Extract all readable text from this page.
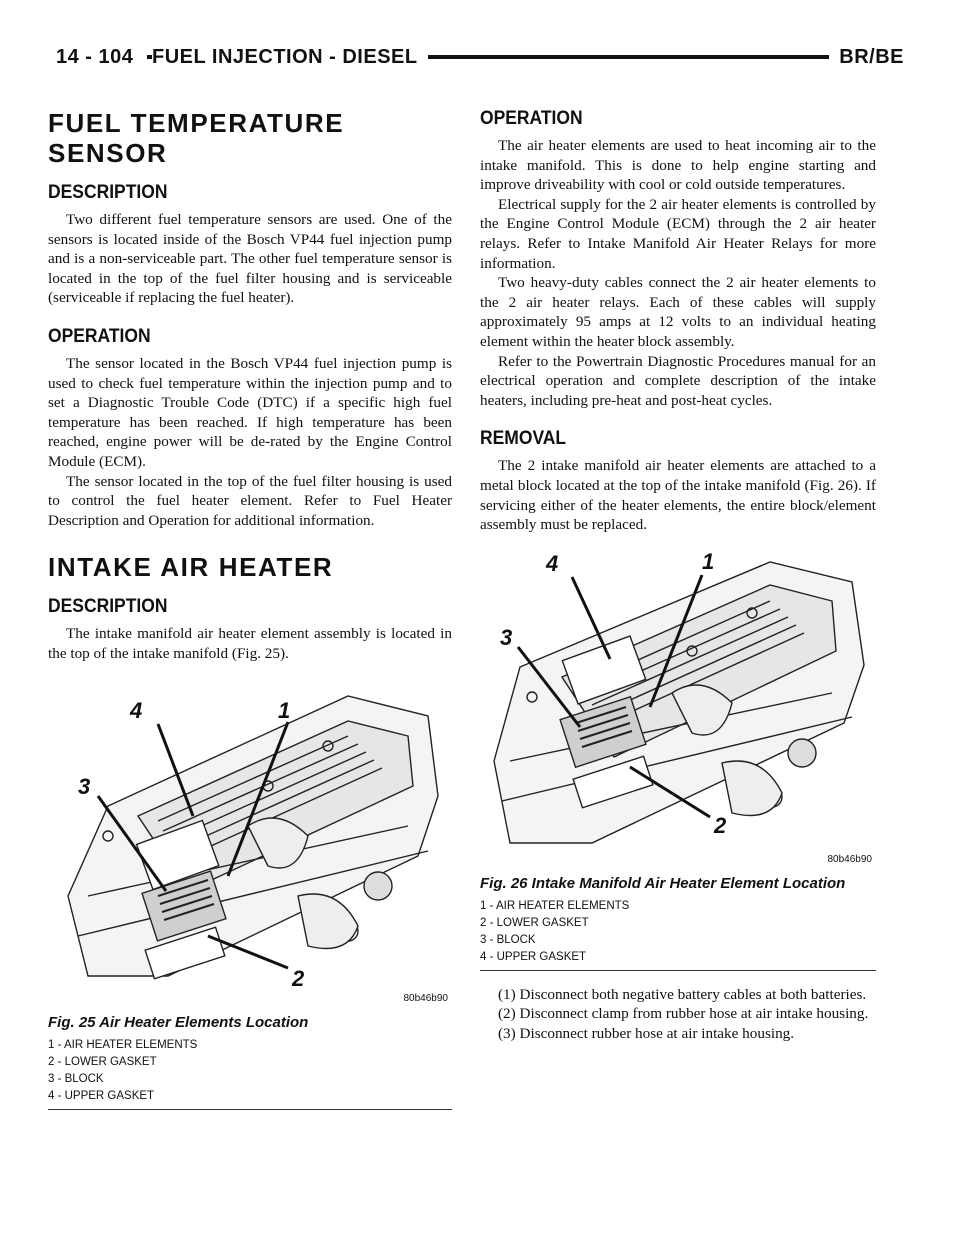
14 - 104 FUEL INJECTION - DIESEL	BR/BE
FUEL TEMPERATURE SENSOR
DESCRIPTION

Two different fuel temperature sensors are used. One of the sensors is located inside of the Bosch VP44 fuel injection pump and is a non-serviceable part. The other fuel temperature sensor is located in the top of the fuel filter housing and is serviceable (serviceable if replacing the fuel heater).

OPERATION

The sensor located in the Bosch VP44 fuel injection pump is used to check fuel temperature within the injection pump and to set a Diagnostic Trouble Code (DTC) if a specific high fuel temperature has been reached. If high temperature has been reached, engine power will be de-rated by the Engine Control Module (ECM).

The sensor located in the top of the fuel filter housing is used to control the fuel heater element. Refer to Fuel Heater Description and Operation for additional information.

INTAKE AIR HEATER
DESCRIPTION

The intake manifold air heater element assembly is located in the top of the intake manifold (Fig. 25).

4	1
3
2
80b46b90
Fig. 25 Air Heater Elements Location
1 - AIR HEATER ELEMENTS
2 - LOWER GASKET
3 - BLOCK
4 - UPPER GASKET
OPERATION

The air heater elements are used to heat incoming air to the intake manifold. This is done to help engine starting and improve driveability with cool or cold outside temperatures.

Electrical supply for the 2 air heater elements is controlled by the Engine Control Module (ECM) through the 2 air heater relays. Refer to Intake Manifold Air Heater Relays for more information.

Two heavy-duty cables connect the 2 air heater elements to the 2 air heater relays. Each of these cables will supply approximately 95 amps at 12 volts to an individual heating element within the heater block assembly.

Refer to the Powertrain Diagnostic Procedures manual for an electrical operation and complete description of the intake heaters, including pre-heat and post-heat cycles.

REMOVAL

The 2 intake manifold air heater elements are attached to a metal block located at the top of the intake manifold (Fig. 26). If servicing either of the heater elements, the entire block/element assembly must be replaced.

4	1
3
2
80b46b90
Fig. 26 Intake Manifold Air Heater Element Location
1 - AIR HEATER ELEMENTS
2 - LOWER GASKET
3 - BLOCK
4 - UPPER GASKET

(1) Disconnect both negative battery cables at both batteries.

(2) Disconnect clamp from rubber hose at air intake housing.

(3) Disconnect rubber hose at air intake housing.
